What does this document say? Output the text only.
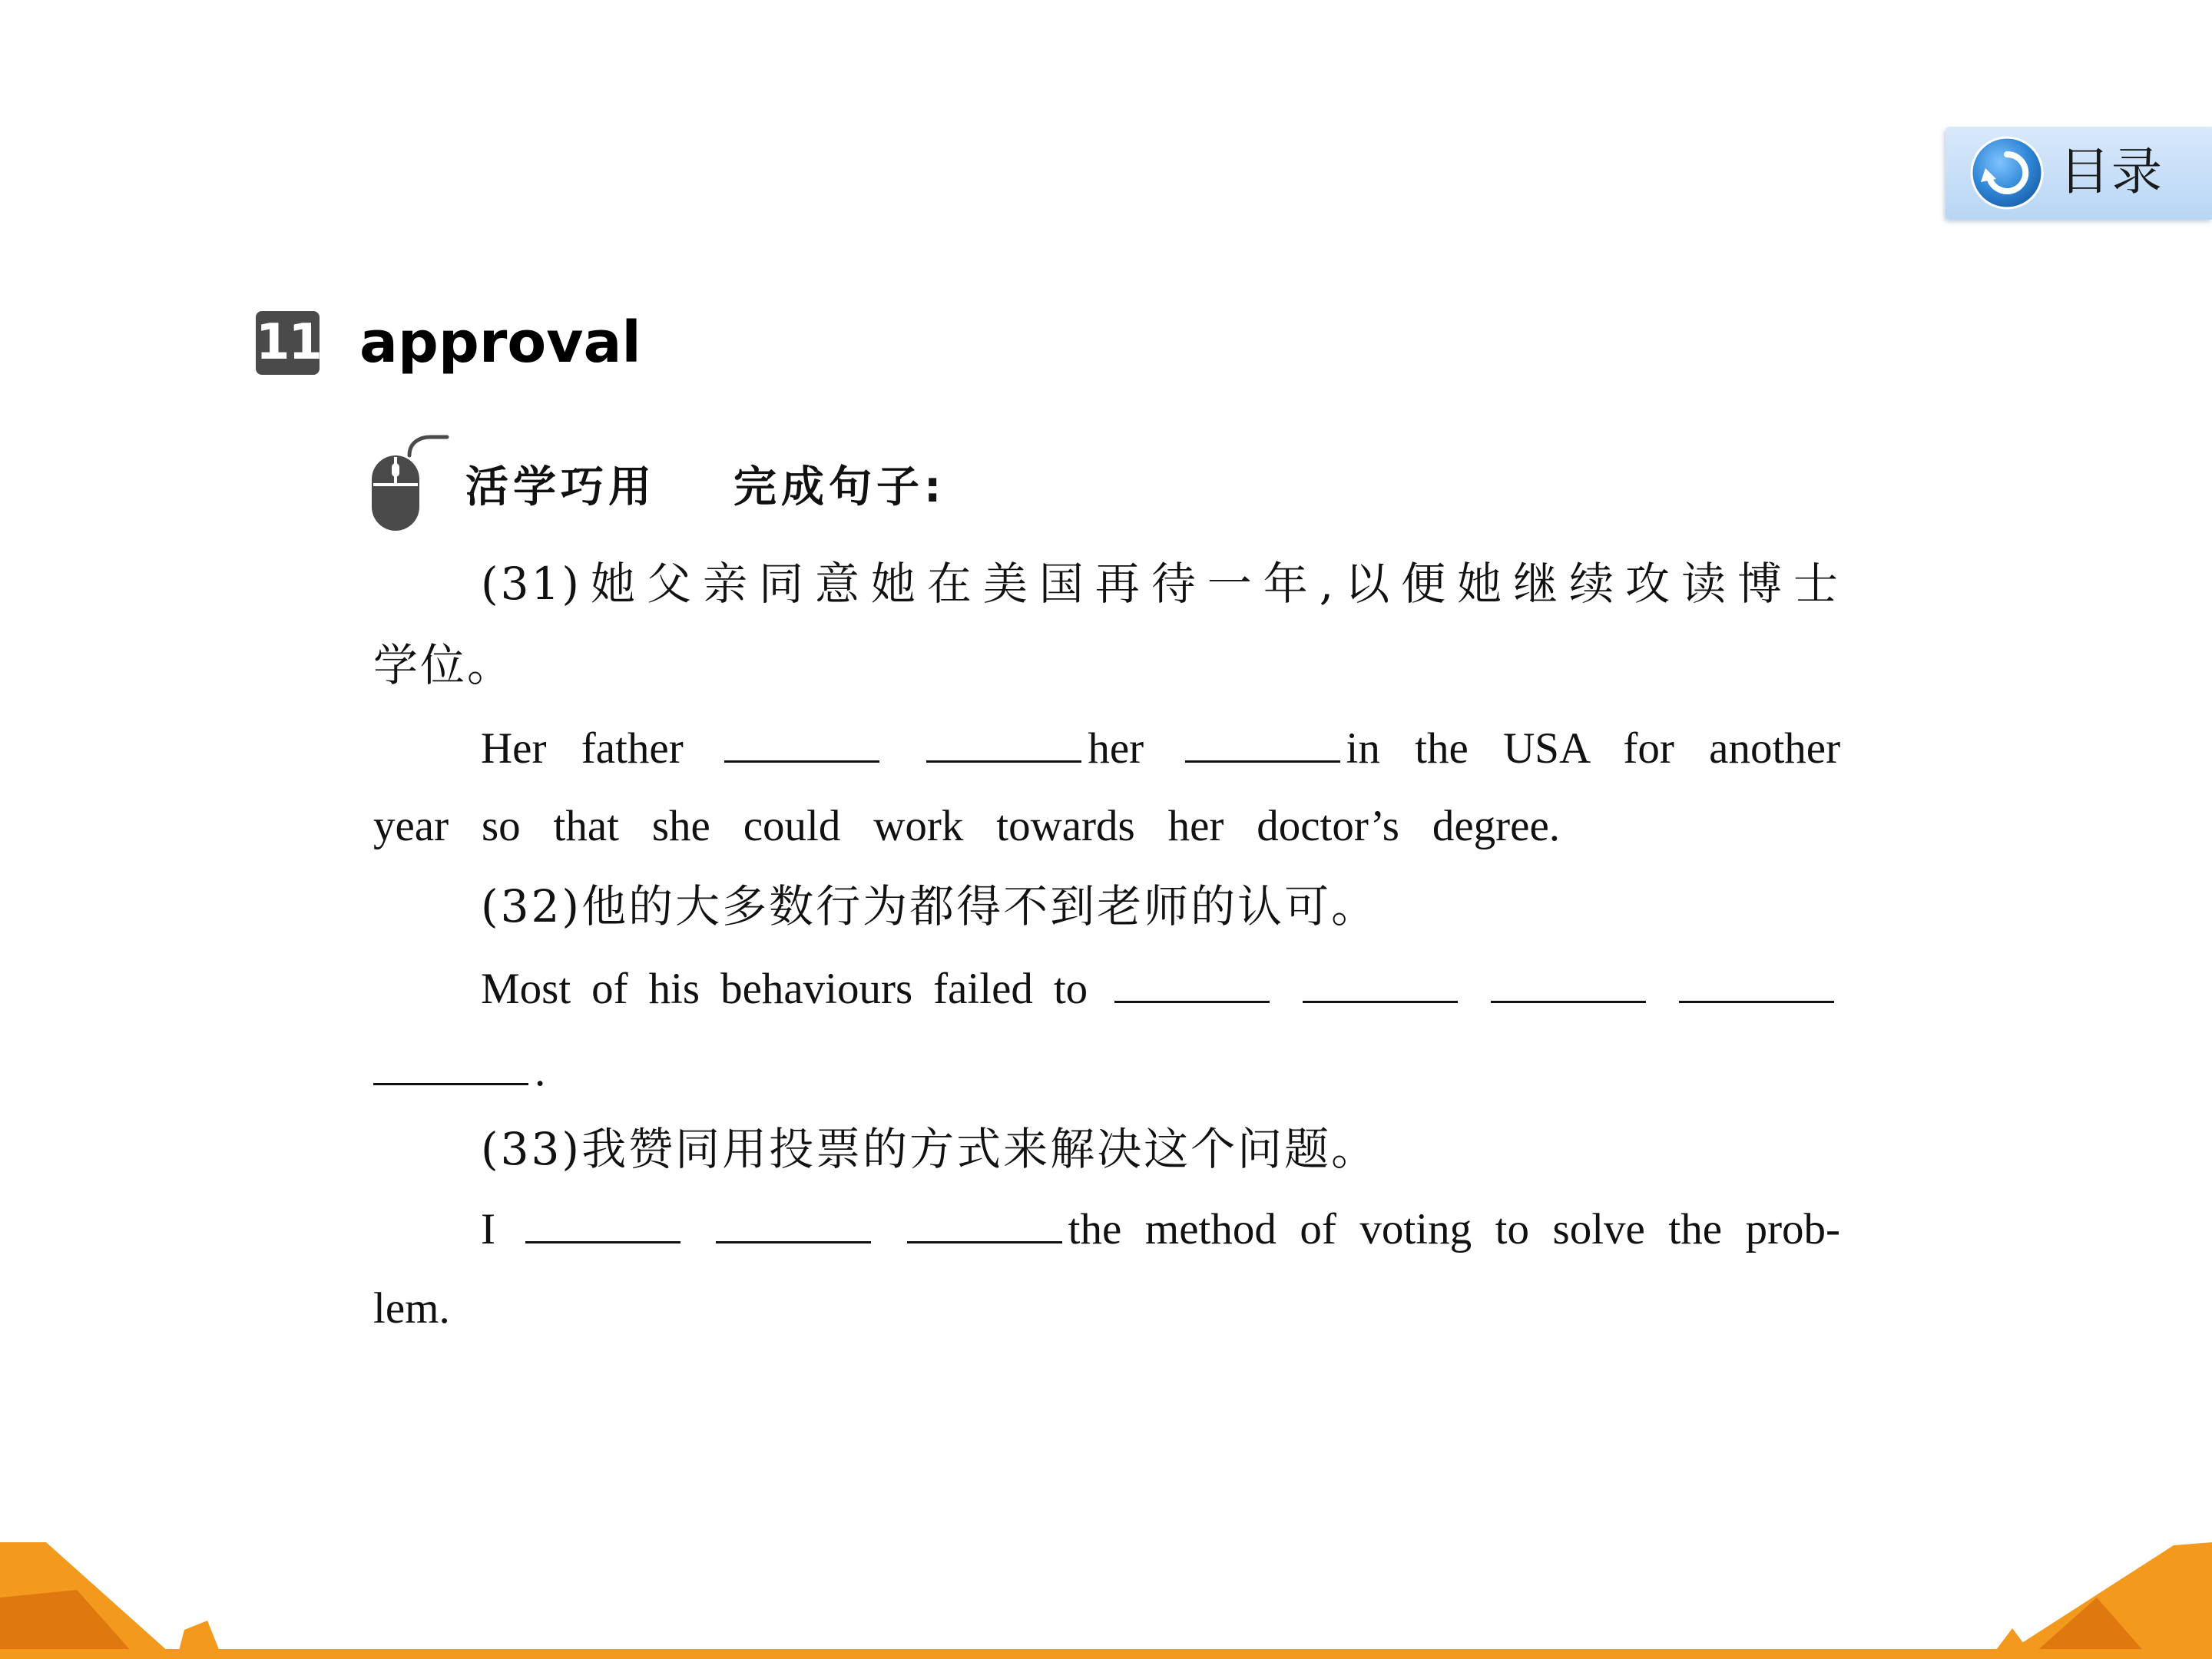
目录
11 approval
活学巧用 完成句子:
(31)她父亲同意她在美国再待一年,以便她继续攻读博士
学位。
Her father	her	in the USA for another
year so that she could work towards her doctor’s degree.
(32)他的大多数行为都得不到老师的认可。
Most of his behaviours failed to
.
(33)我赞同用投票的方式来解决这个问题。
I	the method of voting to solve the prob-
lem.
